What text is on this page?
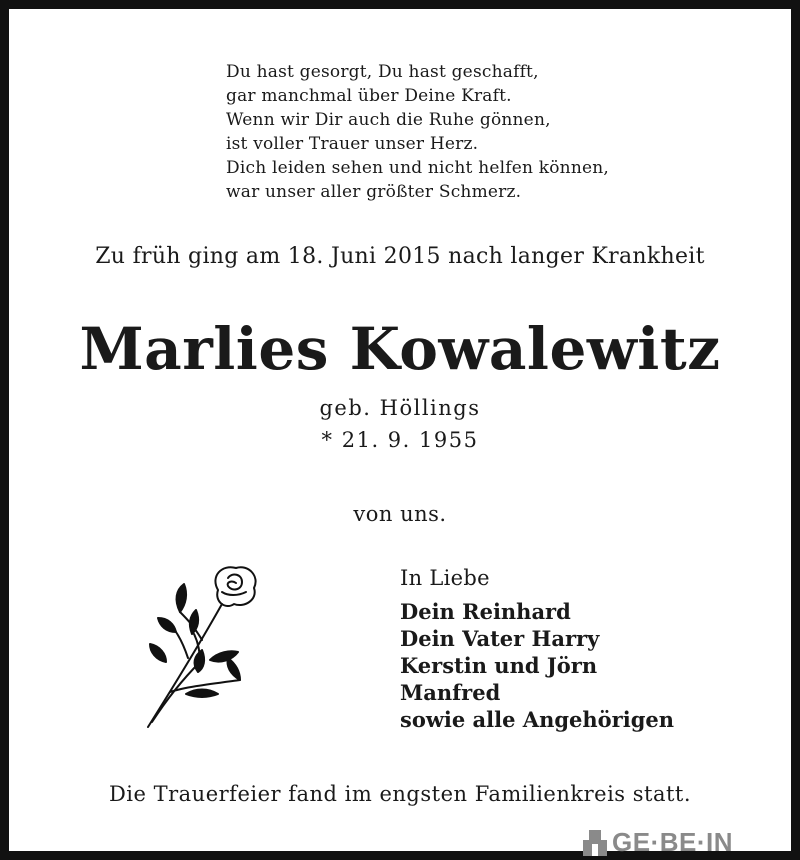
Du hast gesorgt, Du hast geschafft,
gar manchmal über Deine Kraft.
Wenn wir Dir auch die Ruhe gönnen,
ist voller Trauer unser Herz.
Dich leiden sehen und nicht helfen können,
war unser aller größter Schmerz.
Zu früh ging am 18. Juni 2015 nach langer Krankheit
Marlies Kowalewitz
geb. Höllings
* 21. 9. 1955
von uns.
In Liebe
Dein Reinhard
Dein Vater Harry
Kerstin und Jörn
Manfred
sowie alle Angehörigen
Die Trauerfeier fand im engsten Familienkreis statt.
GE·BE·IN
